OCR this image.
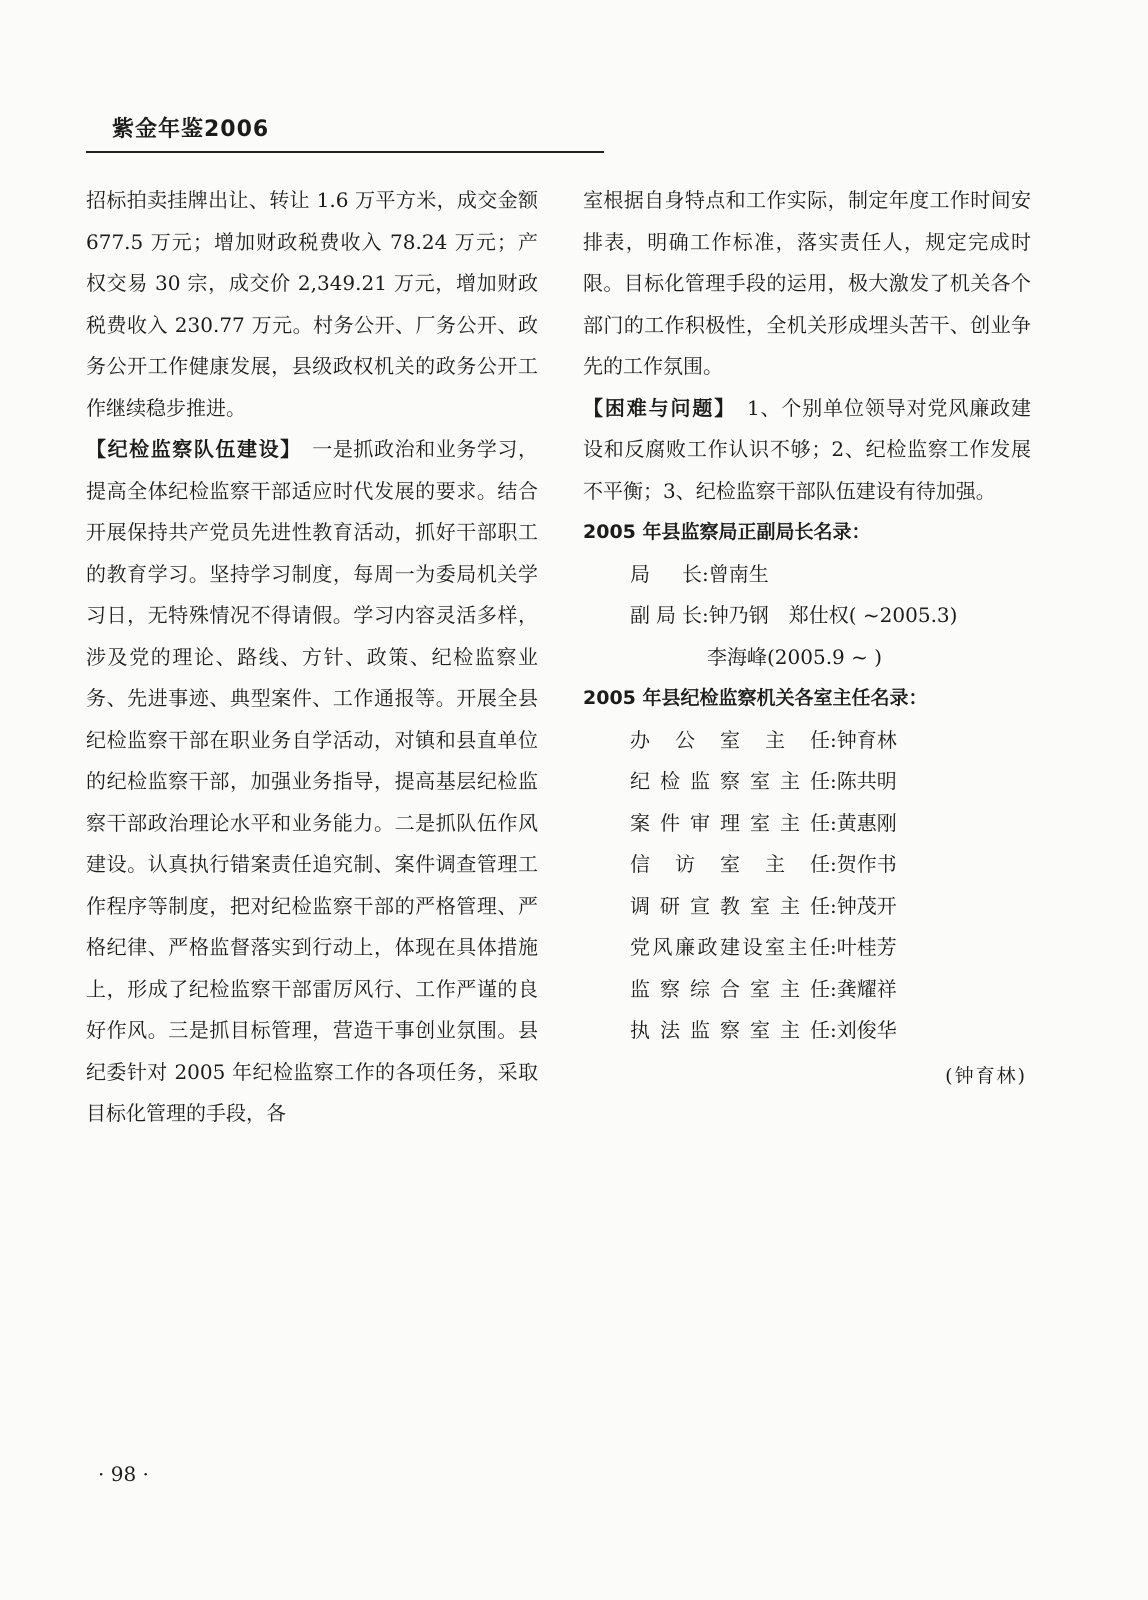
紫金年鉴2006

招标拍卖挂牌出让、转让 1.6 万平方米，成交金额 677.5 万元；增加财政税费收入 78.24 万元；产权交易 30 宗，成交价 2,349.21 万元，增加财政税费收入 230.77 万元。村务公开、厂务公开、政务公开工作健康发展，县级政权机关的政务公开工作继续稳步推进。

【纪检监察队伍建设】　一是抓政治和业务学习，提高全体纪检监察干部适应时代发展的要求。结合开展保持共产党员先进性教育活动，抓好干部职工的教育学习。坚持学习制度，每周一为委局机关学习日，无特殊情况不得请假。学习内容灵活多样，涉及党的理论、路线、方针、政策、纪检监察业务、先进事迹、典型案件、工作通报等。开展全县纪检监察干部在职业务自学活动，对镇和县直单位的纪检监察干部，加强业务指导，提高基层纪检监察干部政治理论水平和业务能力。二是抓队伍作风建设。认真执行错案责任追究制、案件调查管理工作程序等制度，把对纪检监察干部的严格管理、严格纪律、严格监督落实到行动上，体现在具体措施上，形成了纪检监察干部雷厉风行、工作严谨的良好作风。三是抓目标管理，营造干事创业氛围。县纪委针对 2005 年纪检监察工作的各项任务，采取目标化管理的手段，各

室根据自身特点和工作实际，制定年度工作时间安排表，明确工作标准，落实责任人，规定完成时限。目标化管理手段的运用，极大激发了机关各个部门的工作积极性，全机关形成埋头苦干、创业争先的工作氛围。

【困难与问题】　1、个别单位领导对党风廉政建设和反腐败工作认识不够；2、纪检监察工作发展不平衡；3、纪检监察干部队伍建设有待加强。

2005 年县监察局正副局长名录：

局长 : 曾南生
副局长 : 钟乃钢　郑仕权( ~2005.3)
李海峰(2005.9 ~ )

2005 年县纪检监察机关各室主任名录：

办公室主任 : 钟育林
纪检监察室主任 : 陈共明
案件审理室主任 : 黄惠刚
信访室主任 : 贺作书
调研宣教室主任 : 钟茂开
党风廉政建设室主任 : 叶桂芳
监察综合室主任 : 龚耀祥
执法监察室主任 : 刘俊华
(钟育林)
· 98 ·
